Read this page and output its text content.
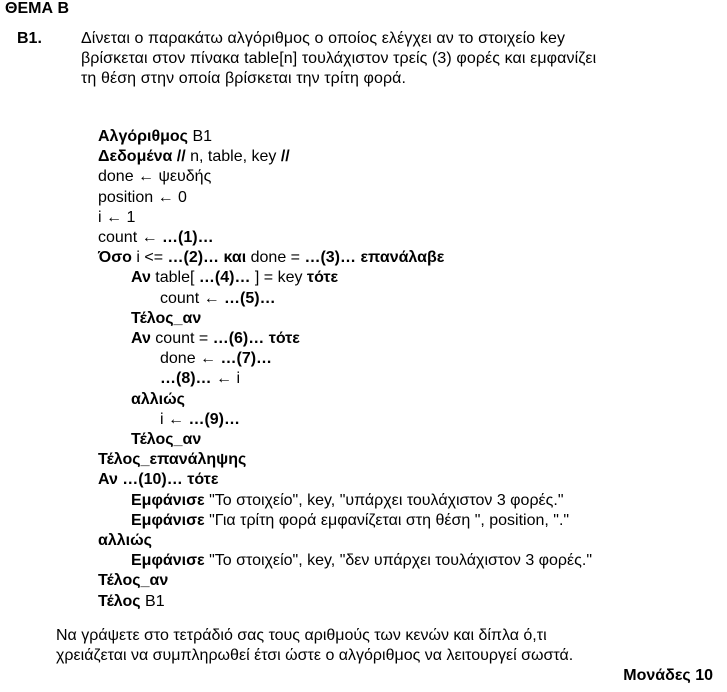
ΘΕΜΑ Β
B1. Δίνεται ο παρακάτω αλγόριθμος ο οποίος ελέγχει αν το στοιχείο key
βρίσκεται στον πίνακα table[n] τουλάχιστον τρείς (3) φορές και εμφανίζει
τη θέση στην οποία βρίσκεται την τρίτη φορά.
Αλγόριθμος B1
Δεδομένα // n, table, key //
done ← ψευδής
position ← 0
i ← 1
count ← …(1)…
Όσο i <= …(2)… και done = …(3)… επανάλαβε
Αν table[ …(4)… ] = key τότε
count ← …(5)…
Τέλος_αν
Αν count = …(6)… τότε
done ← …(7)…
…(8)… ← i
αλλιώς
i ← …(9)…
Τέλος_αν
Τέλος_επανάληψης
Αν …(10)… τότε
Εμφάνισε "Το στοιχείο", key, "υπάρχει τουλάχιστον 3 φορές."
Εμφάνισε "Για τρίτη φορά εμφανίζεται στη θέση ", position, "."
αλλιώς
Εμφάνισε "Το στοιχείο", key, "δεν υπάρχει τουλάχιστον 3 φορές."
Τέλος_αν
Τέλος B1
Να γράψετε στο τετράδιό σας τους αριθμούς των κενών και δίπλα ό,τι
χρειάζεται να συμπληρωθεί έτσι ώστε ο αλγόριθμος να λειτουργεί σωστά.
Μονάδες 10
